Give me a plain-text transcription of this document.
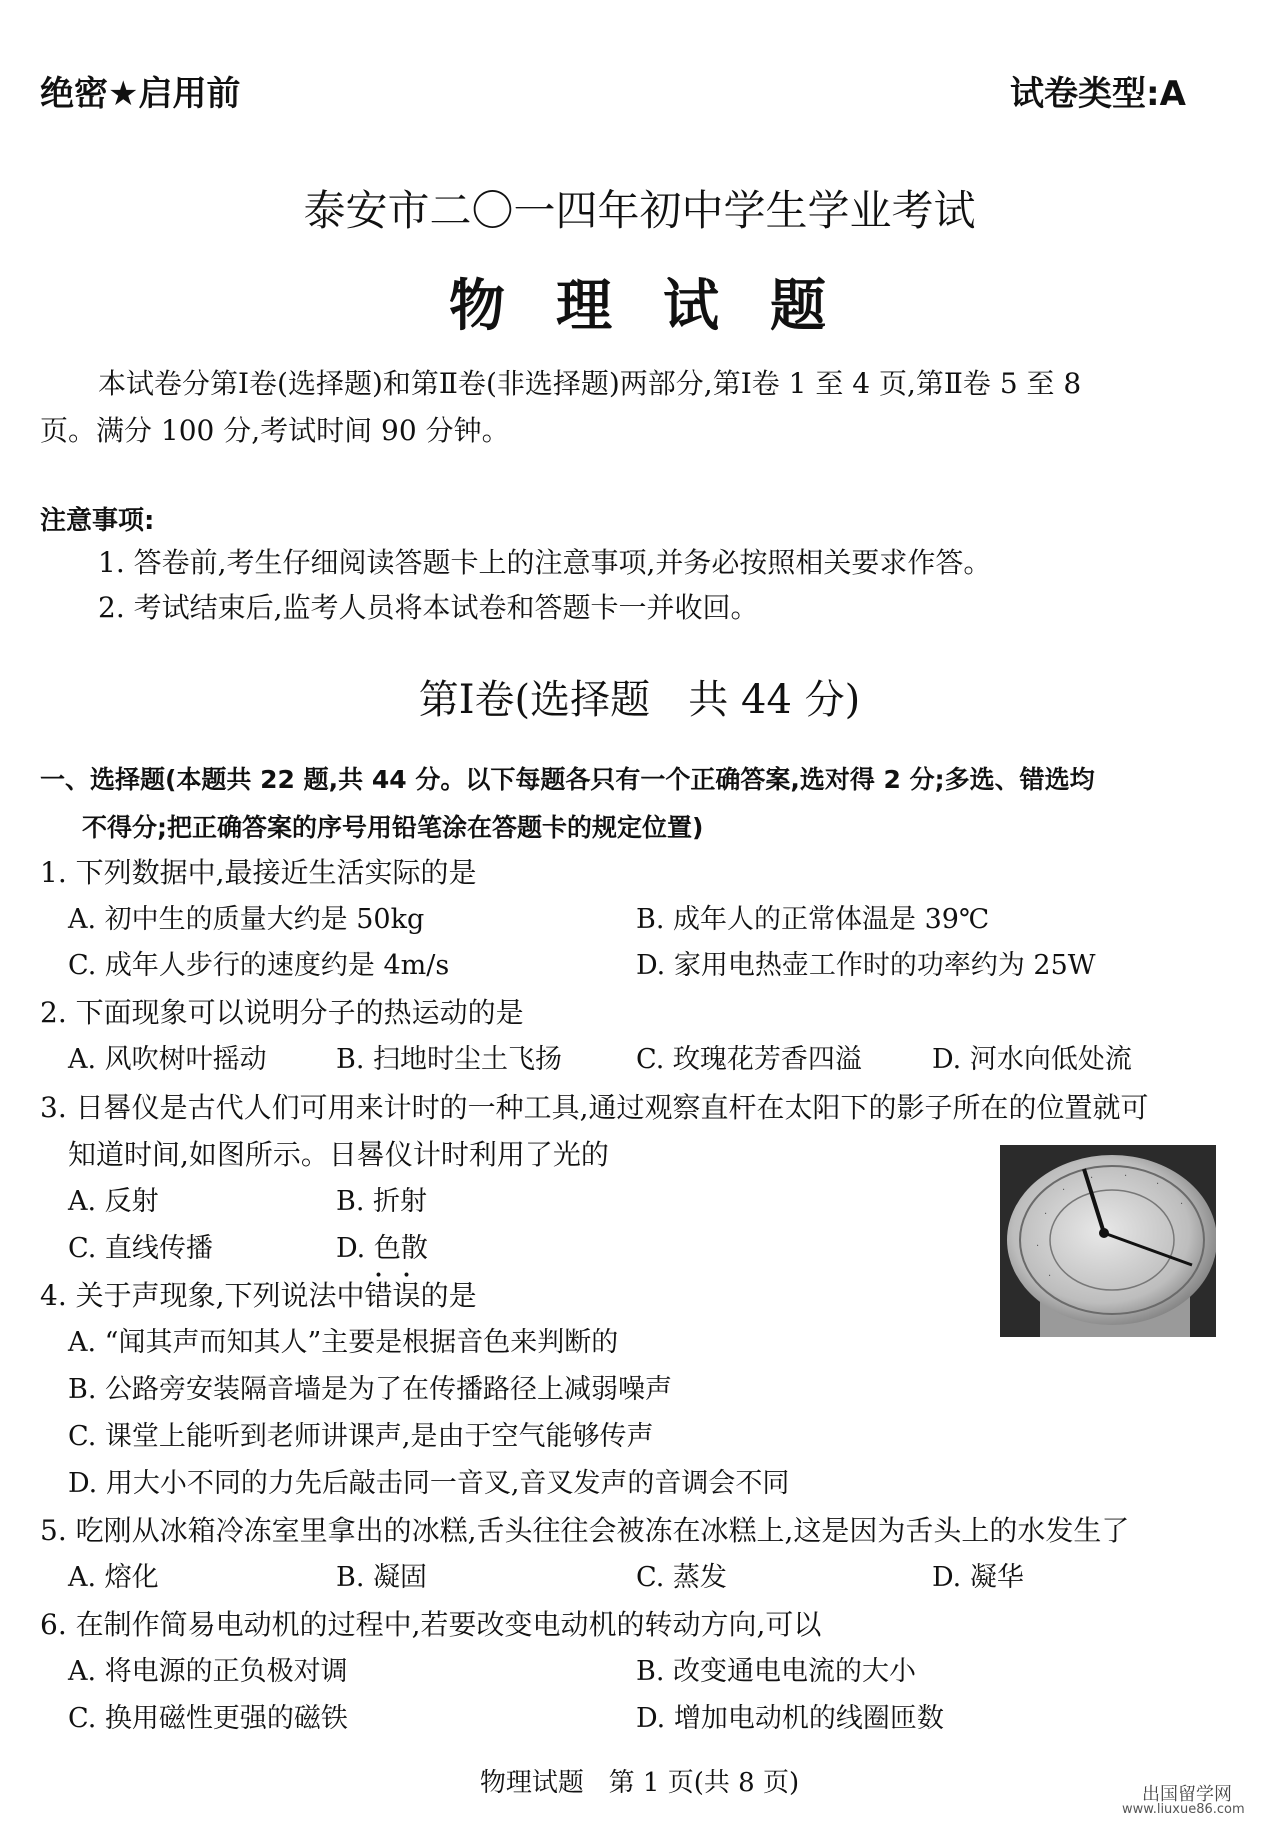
绝密★启用前	试卷类型:A
泰安市二〇一四年初中学生学业考试
物  理  试  题
本试卷分第Ⅰ卷(选择题)和第Ⅱ卷(非选择题)两部分,第Ⅰ卷 1 至 4 页,第Ⅱ卷 5 至 8
页。满分 100 分,考试时间 90 分钟。
注意事项:
1. 答卷前,考生仔细阅读答题卡上的注意事项,并务必按照相关要求作答。
2. 考试结束后,监考人员将本试卷和答题卡一并收回。
第Ⅰ卷(选择题   共 44 分)
一、选择题(本题共 22 题,共 44 分。以下每题各只有一个正确答案,选对得 2 分;多选、错选均
不得分;把正确答案的序号用铅笔涂在答题卡的规定位置)
1. 下列数据中,最接近生活实际的是
A. 初中生的质量大约是 50kg	B. 成年人的正常体温是 39℃
C. 成年人步行的速度约是 4m/s	D. 家用电热壶工作时的功率约为 25W
2. 下面现象可以说明分子的热运动的是
A. 风吹树叶摇动	B. 扫地时尘土飞扬	C. 玫瑰花芳香四溢	D. 河水向低处流
3. 日晷仪是古代人们可用来计时的一种工具,通过观察直杆在太阳下的影子所在的位置就可
知道时间,如图所示。日晷仪计时利用了光的
A. 反射	B. 折射
C. 直线传播	D. 色散
·
·	·
·
·
·
·
·
4. 关于声现象,下列说法中错误的是
A. “闻其声而知其人”主要是根据音色来判断的
B. 公路旁安装隔音墙是为了在传播路径上减弱噪声
C. 课堂上能听到老师讲课声,是由于空气能够传声
D. 用大小不同的力先后敲击同一音叉,音叉发声的音调会不同
5. 吃刚从冰箱冷冻室里拿出的冰糕,舌头往往会被冻在冰糕上,这是因为舌头上的水发生了
A. 熔化	B. 凝固	C. 蒸发	D. 凝华
6. 在制作简易电动机的过程中,若要改变电动机的转动方向,可以
A. 将电源的正负极对调	B. 改变通电电流的大小
C. 换用磁性更强的磁铁	D. 增加电动机的线圈匝数
物理试题   第 1 页(共 8 页)	出国留学网
www.liuxue86.com
